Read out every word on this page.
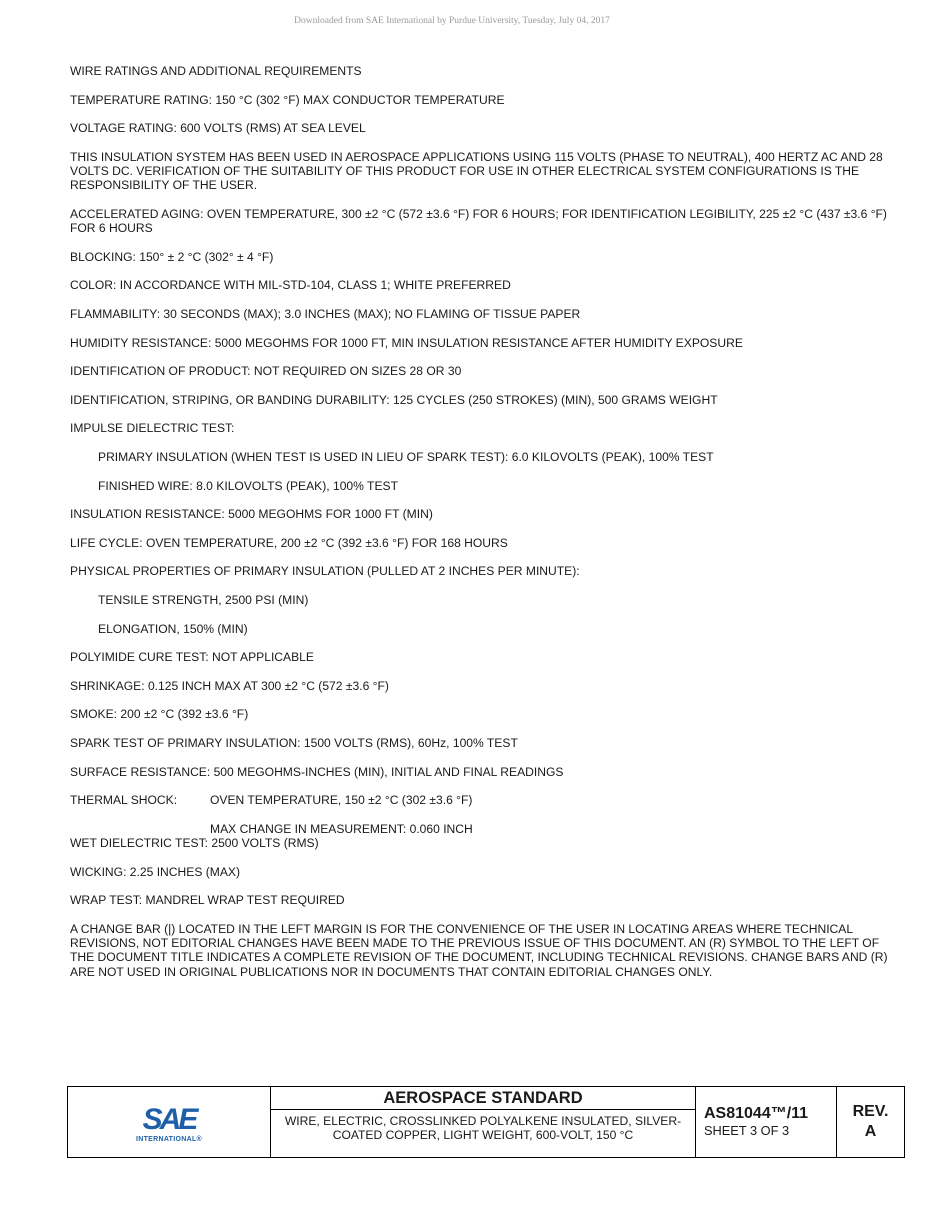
Downloaded from SAE International by Purdue University, Tuesday, July 04, 2017

WIRE RATINGS AND ADDITIONAL REQUIREMENTS

TEMPERATURE RATING: 150 °C (302 °F) MAX CONDUCTOR TEMPERATURE

VOLTAGE RATING: 600 VOLTS (RMS) AT SEA LEVEL

THIS INSULATION SYSTEM HAS BEEN USED IN AEROSPACE APPLICATIONS USING 115 VOLTS (PHASE TO NEUTRAL), 400 HERTZ AC AND 28 VOLTS DC. VERIFICATION OF THE SUITABILITY OF THIS PRODUCT FOR USE IN OTHER ELECTRICAL SYSTEM CONFIGURATIONS IS THE RESPONSIBILITY OF THE USER.

ACCELERATED AGING: OVEN TEMPERATURE, 300 ±2 °C (572 ±3.6 °F) FOR 6 HOURS; FOR IDENTIFICATION LEGIBILITY, 225 ±2 °C (437 ±3.6 °F) FOR 6 HOURS

BLOCKING: 150° ± 2 °C (302° ± 4 °F)

COLOR: IN ACCORDANCE WITH MIL-STD-104, CLASS 1; WHITE PREFERRED

FLAMMABILITY: 30 SECONDS (MAX); 3.0 INCHES (MAX); NO FLAMING OF TISSUE PAPER

HUMIDITY RESISTANCE: 5000 MEGOHMS FOR 1000 FT, MIN INSULATION RESISTANCE AFTER HUMIDITY EXPOSURE

IDENTIFICATION OF PRODUCT: NOT REQUIRED ON SIZES 28 OR 30

IDENTIFICATION, STRIPING, OR BANDING DURABILITY: 125 CYCLES (250 STROKES) (MIN), 500 GRAMS WEIGHT

IMPULSE DIELECTRIC TEST:

PRIMARY INSULATION (WHEN TEST IS USED IN LIEU OF SPARK TEST): 6.0 KILOVOLTS (PEAK), 100% TEST

FINISHED WIRE: 8.0 KILOVOLTS (PEAK), 100% TEST

INSULATION RESISTANCE: 5000 MEGOHMS FOR 1000 FT (MIN)

LIFE CYCLE: OVEN TEMPERATURE, 200 ±2 °C (392 ±3.6 °F) FOR 168 HOURS

PHYSICAL PROPERTIES OF PRIMARY INSULATION (PULLED AT 2 INCHES PER MINUTE):

TENSILE STRENGTH, 2500 PSI (MIN)

ELONGATION, 150% (MIN)

POLYIMIDE CURE TEST: NOT APPLICABLE

SHRINKAGE: 0.125 INCH MAX AT 300 ±2 °C (572 ±3.6 °F)

SMOKE: 200 ±2 °C (392 ±3.6 °F)

SPARK TEST OF PRIMARY INSULATION: 1500 VOLTS (RMS), 60Hz, 100% TEST

SURFACE RESISTANCE: 500 MEGOHMS-INCHES (MIN), INITIAL AND FINAL READINGS

THERMAL SHOCK:	OVEN TEMPERATURE, 150 ±2 °C (302 ±3.6 °F)

MAX CHANGE IN MEASUREMENT: 0.060 INCH

WET DIELECTRIC TEST: 2500 VOLTS (RMS)

WICKING: 2.25 INCHES (MAX)

WRAP TEST: MANDREL WRAP TEST REQUIRED

A CHANGE BAR (|) LOCATED IN THE LEFT MARGIN IS FOR THE CONVENIENCE OF THE USER IN LOCATING AREAS WHERE TECHNICAL REVISIONS, NOT EDITORIAL CHANGES HAVE BEEN MADE TO THE PREVIOUS ISSUE OF THIS DOCUMENT. AN (R) SYMBOL TO THE LEFT OF THE DOCUMENT TITLE INDICATES A COMPLETE REVISION OF THE DOCUMENT, INCLUDING TECHNICAL REVISIONS. CHANGE BARS AND (R) ARE NOT USED IN ORIGINAL PUBLICATIONS NOR IN DOCUMENTS THAT CONTAIN EDITORIAL CHANGES ONLY.

SAE
INTERNATIONAL®
AEROSPACE STANDARD
WIRE, ELECTRIC, CROSSLINKED POLYALKENE INSULATED, SILVER-COATED COPPER, LIGHT WEIGHT, 600-VOLT, 150 °C
AS81044™/11
SHEET 3 OF 3
REV.
A
